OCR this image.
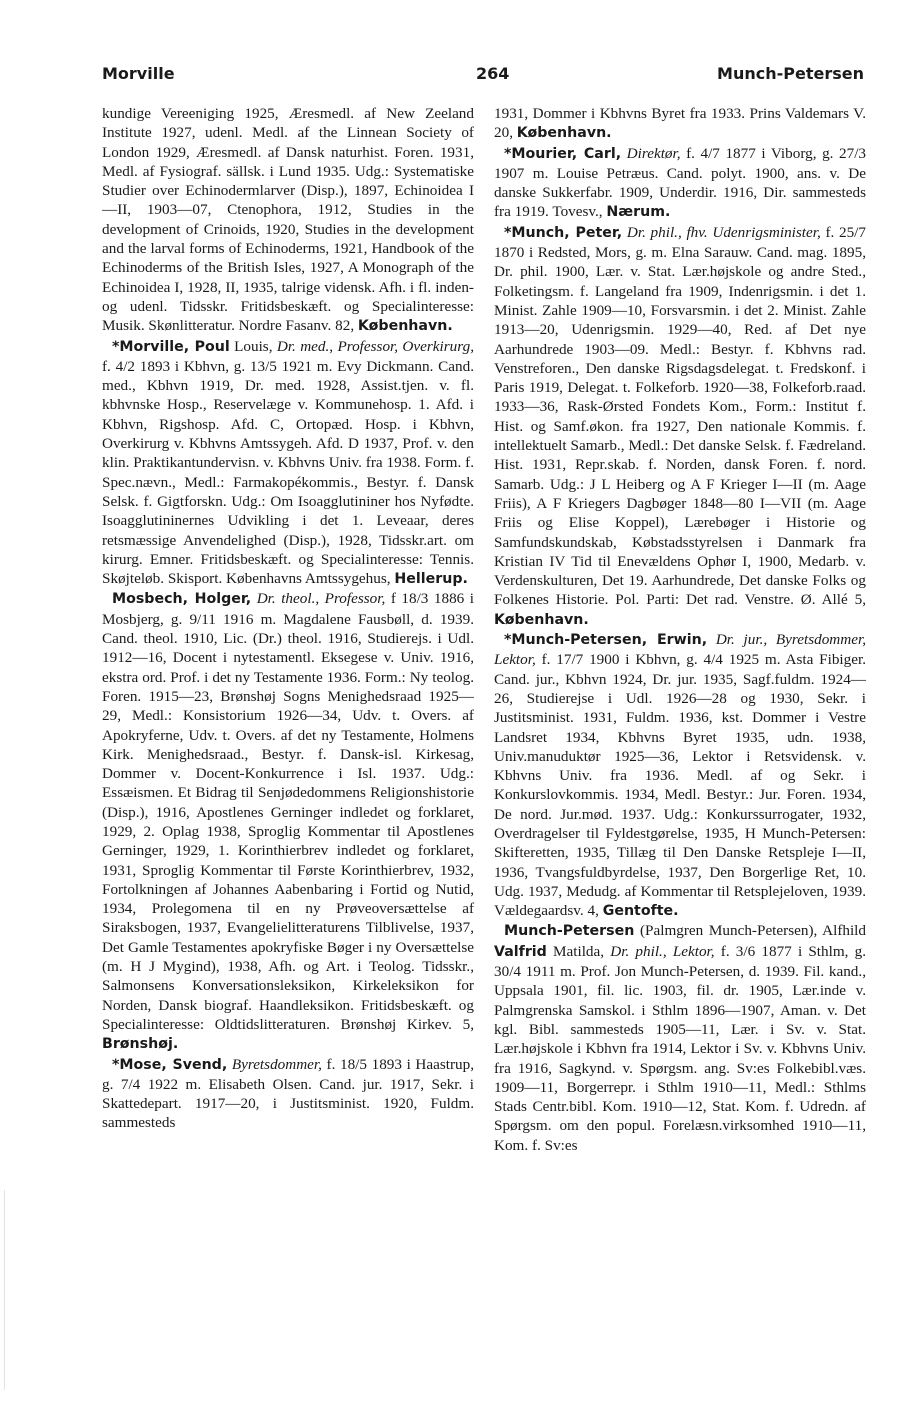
Morville	264	Munch-Petersen

kundige Vereeniging 1925, Æresmedl. af New Zeeland Institute 1927, udenl. Medl. af the Linnean Society of London 1929, Æresmedl. af Dansk naturhist. Foren. 1931, Medl. af Fysiograf. sällsk. i Lund 1935. Udg.: Systematiske Studier over Echinodermlarver (Disp.), 1897, Echinoidea I—II, 1903—07, Ctenophora, 1912, Studies in the development of Crinoids, 1920, Studies in the development and the larval forms of Echinoderms, 1921, Handbook of the Echinoderms of the British Isles, 1927, A Monograph of the Echinoidea I, 1928, II, 1935, talrige vidensk. Afh. i fl. inden- og udenl. Tidsskr. Fritidsbeskæft. og Specialinteresse: Musik. Skønlitteratur. Nordre Fasanv. 82, København.

*Morville, Poul Louis, Dr. med., Professor, Overkirurg, f. 4/2 1893 i Kbhvn, g. 13/5 1921 m. Evy Dickmann. Cand. med., Kbhvn 1919, Dr. med. 1928, Assist.tjen. v. fl. kbhvnske Hosp., Reservelæge v. Kommunehosp. 1. Afd. i Kbhvn, Rigshosp. Afd. C, Ortopæd. Hosp. i Kbhvn, Overkirurg v. Kbhvns Amtssygeh. Afd. D 1937, Prof. v. den klin. Praktikantundervisn. v. Kbhvns Univ. fra 1938. Form. f. Spec.nævn., Medl.: Farmakopékommis., Bestyr. f. Dansk Selsk. f. Gigtforskn. Udg.: Om Isoagglutininer hos Nyfødte. Isoagglutininernes Udvikling i det 1. Leveaar, deres retsmæssige Anvendelighed (Disp.), 1928, Tidsskr.art. om kirurg. Emner. Fritidsbeskæft. og Specialinteresse: Tennis. Skøjteløb. Skisport. Københavns Amtssygehus, Hellerup.

Mosbech, Holger, Dr. theol., Professor, f 18/3 1886 i Mosbjerg, g. 9/11 1916 m. Magdalene Fausbøll, d. 1939. Cand. theol. 1910, Lic. (Dr.) theol. 1916, Studierejs. i Udl. 1912—16, Docent i nytestamentl. Eksegese v. Univ. 1916, ekstra ord. Prof. i det ny Testamente 1936. Form.: Ny teolog. Foren. 1915—23, Brønshøj Sogns Menighedsraad 1925—29, Medl.: Konsistorium 1926—34, Udv. t. Overs. af Apokryferne, Udv. t. Overs. af det ny Testamente, Holmens Kirk. Menighedsraad., Bestyr. f. Dansk-isl. Kirkesag, Dommer v. Docent-Konkurrence i Isl. 1937. Udg.: Essæismen. Et Bidrag til Senjødedommens Religionshistorie (Disp.), 1916, Apostlenes Gerninger indledet og forklaret, 1929, 2. Oplag 1938, Sproglig Kommentar til Apostlenes Gerninger, 1929, 1. Korinthierbrev indledet og forklaret, 1931, Sproglig Kommentar til Første Korinthierbrev, 1932, Fortolkningen af Johannes Aabenbaring i Fortid og Nutid, 1934, Prolegomena til en ny Prøveoversættelse af Siraksbogen, 1937, Evangelielitteraturens Tilblivelse, 1937, Det Gamle Testamentes apokryfiske Bøger i ny Oversættelse (m. H J Mygind), 1938, Afh. og Art. i Teolog. Tidsskr., Salmonsens Konversationsleksikon, Kirkeleksikon for Norden, Dansk biograf. Haandleksikon. Fritidsbeskæft. og Specialinteresse: Oldtidslitteraturen. Brønshøj Kirkev. 5, Brønshøj.

*Mose, Svend, Byretsdommer, f. 18/5 1893 i Haastrup, g. 7/4 1922 m. Elisabeth Olsen. Cand. jur. 1917, Sekr. i Skattedepart. 1917—20, i Justitsminist. 1920, Fuldm. sammesteds

1931, Dommer i Kbhvns Byret fra 1933. Prins Valdemars V. 20, København.

*Mourier, Carl, Direktør, f. 4/7 1877 i Viborg, g. 27/3 1907 m. Louise Petræus. Cand. polyt. 1900, ans. v. De danske Sukkerfabr. 1909, Underdir. 1916, Dir. sammesteds fra 1919. Tovesv., Nærum.

*Munch, Peter, Dr. phil., fhv. Udenrigsminister, f. 25/7 1870 i Redsted, Mors, g. m. Elna Sarauw. Cand. mag. 1895, Dr. phil. 1900, Lær. v. Stat. Lær.højskole og andre Sted., Folketingsm. f. Langeland fra 1909, Indenrigsmin. i det 1. Minist. Zahle 1909—10, Forsvarsmin. i det 2. Minist. Zahle 1913—20, Udenrigsmin. 1929—40, Red. af Det nye Aarhundrede 1903—09. Medl.: Bestyr. f. Kbhvns rad. Venstreforen., Den danske Rigsdagsdelegat. t. Fredskonf. i Paris 1919, Delegat. t. Folkeforb. 1920—38, Folkeforb.raad. 1933—36, Rask-Ørsted Fondets Kom., Form.: Institut f. Hist. og Samf.økon. fra 1927, Den nationale Kommis. f. intellektuelt Samarb., Medl.: Det danske Selsk. f. Fædreland. Hist. 1931, Repr.skab. f. Norden, dansk Foren. f. nord. Samarb. Udg.: J L Heiberg og A F Krieger I—II (m. Aage Friis), A F Kriegers Dagbøger 1848—80 I—VII (m. Aage Friis og Elise Koppel), Lærebøger i Historie og Samfundskundskab, Købstadsstyrelsen i Danmark fra Kristian IV Tid til Enevældens Ophør I, 1900, Medarb. v. Verdenskulturen, Det 19. Aarhundrede, Det danske Folks og Folkenes Historie. Pol. Parti: Det rad. Venstre. Ø. Allé 5, København.

*Munch-Petersen, Erwin, Dr. jur., Byretsdommer, Lektor, f. 17/7 1900 i Kbhvn, g. 4/4 1925 m. Asta Fibiger. Cand. jur., Kbhvn 1924, Dr. jur. 1935, Sagf.fuldm. 1924—26, Studierejse i Udl. 1926—28 og 1930, Sekr. i Justitsminist. 1931, Fuldm. 1936, kst. Dommer i Vestre Landsret 1934, Kbhvns Byret 1935, udn. 1938, Univ.manuduktør 1925—36, Lektor i Retsvidensk. v. Kbhvns Univ. fra 1936. Medl. af og Sekr. i Konkurslovkommis. 1934, Medl. Bestyr.: Jur. Foren. 1934, De nord. Jur.mød. 1937. Udg.: Konkurssurrogater, 1932, Overdragelser til Fyldestgørelse, 1935, H Munch-Petersen: Skifteretten, 1935, Tillæg til Den Danske Retspleje I—II, 1936, Tvangsfuldbyrdelse, 1937, Den Borgerlige Ret, 10. Udg. 1937, Medudg. af Kommentar til Retsplejeloven, 1939. Vældegaardsv. 4, Gentofte.

Munch-Petersen (Palmgren Munch-Petersen), Alfhild Valfrid Matilda, Dr. phil., Lektor, f. 3/6 1877 i Sthlm, g. 30/4 1911 m. Prof. Jon Munch-Petersen, d. 1939. Fil. kand., Uppsala 1901, fil. lic. 1903, fil. dr. 1905, Lær.inde v. Palmgrenska Samskol. i Sthlm 1896—1907, Aman. v. Det kgl. Bibl. sammesteds 1905—11, Lær. i Sv. v. Stat. Lær.højskole i Kbhvn fra 1914, Lektor i Sv. v. Kbhvns Univ. fra 1916, Sagkynd. v. Spørgsm. ang. Sv:es Folkebibl.væs. 1909—11, Borgerrepr. i Sthlm 1910—11, Medl.: Sthlms Stads Centr.bibl. Kom. 1910—12, Stat. Kom. f. Udredn. af Spørgsm. om den popul. Forelæsn.virksomhed 1910—11, Kom. f. Sv:es
